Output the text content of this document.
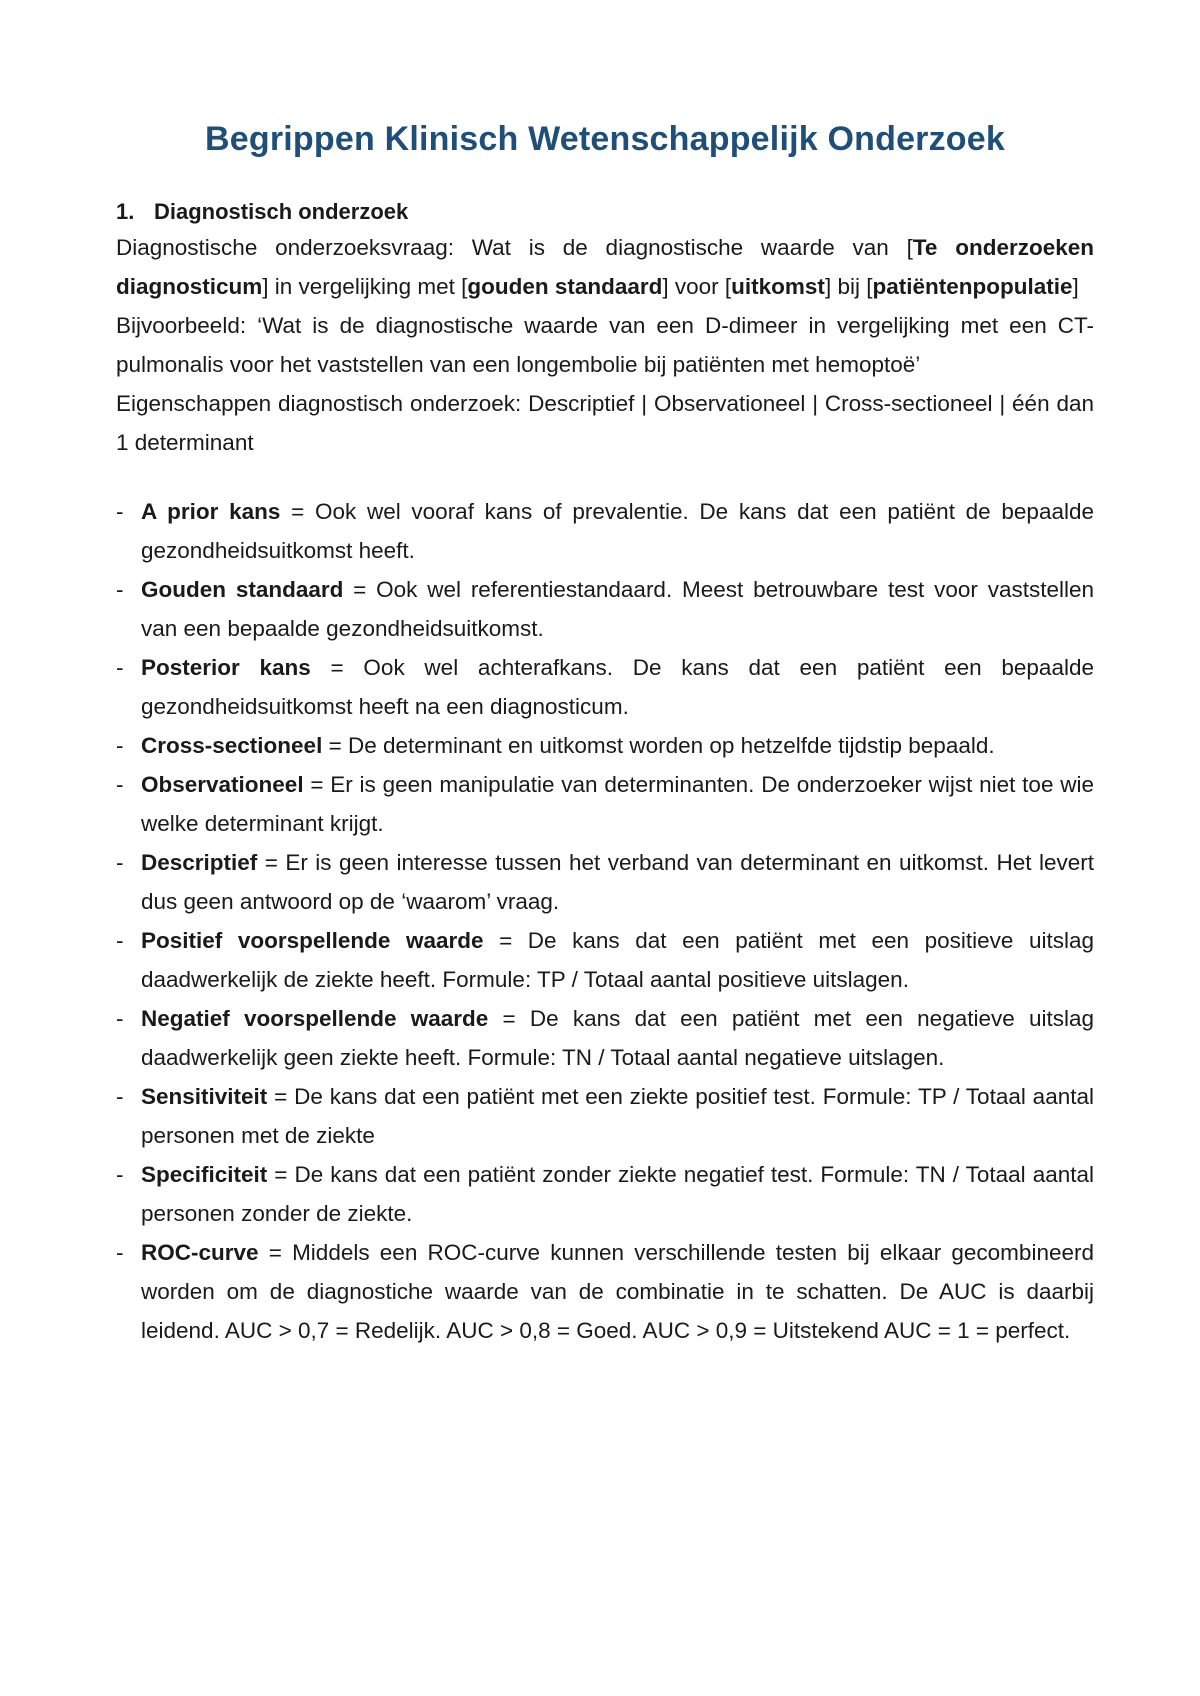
Begrippen Klinisch Wetenschappelijk Onderzoek
1. Diagnostisch onderzoek

Diagnostische onderzoeksvraag: Wat is de diagnostische waarde van [Te onderzoeken diagnosticum] in vergelijking met [gouden standaard] voor [uitkomst] bij [patiëntenpopulatie]

Bijvoorbeeld: ‘Wat is de diagnostische waarde van een D-dimeer in vergelijking met een CT-pulmonalis voor het vaststellen van een longembolie bij patiënten met hemoptoë’

Eigenschappen diagnostisch onderzoek: Descriptief | Observationeel | Cross-sectioneel | één dan 1 determinant

- A prior kans = Ook wel vooraf kans of prevalentie. De kans dat een patiënt de bepaalde gezondheidsuitkomst heeft.
- Gouden standaard = Ook wel referentiestandaard. Meest betrouwbare test voor vaststellen van een bepaalde gezondheidsuitkomst.
- Posterior kans = Ook wel achterafkans. De kans dat een patiënt een bepaalde gezondheidsuitkomst heeft na een diagnosticum.
- Cross-sectioneel = De determinant en uitkomst worden op hetzelfde tijdstip bepaald.
- Observationeel = Er is geen manipulatie van determinanten. De onderzoeker wijst niet toe wie welke determinant krijgt.
- Descriptief = Er is geen interesse tussen het verband van determinant en uitkomst. Het levert dus geen antwoord op de ‘waarom’ vraag.
- Positief voorspellende waarde = De kans dat een patiënt met een positieve uitslag daadwerkelijk de ziekte heeft. Formule: TP / Totaal aantal positieve uitslagen.
- Negatief voorspellende waarde = De kans dat een patiënt met een negatieve uitslag daadwerkelijk geen ziekte heeft. Formule: TN / Totaal aantal negatieve uitslagen.
- Sensitiviteit = De kans dat een patiënt met een ziekte positief test. Formule: TP / Totaal aantal personen met de ziekte
- Specificiteit = De kans dat een patiënt zonder ziekte negatief test. Formule: TN / Totaal aantal personen zonder de ziekte.
- ROC-curve = Middels een ROC-curve kunnen verschillende testen bij elkaar gecombineerd worden om de diagnostiche waarde van de combinatie in te schatten. De AUC is daarbij leidend. AUC > 0,7 = Redelijk. AUC > 0,8 = Goed. AUC > 0,9 = Uitstekend AUC = 1 = perfect.
